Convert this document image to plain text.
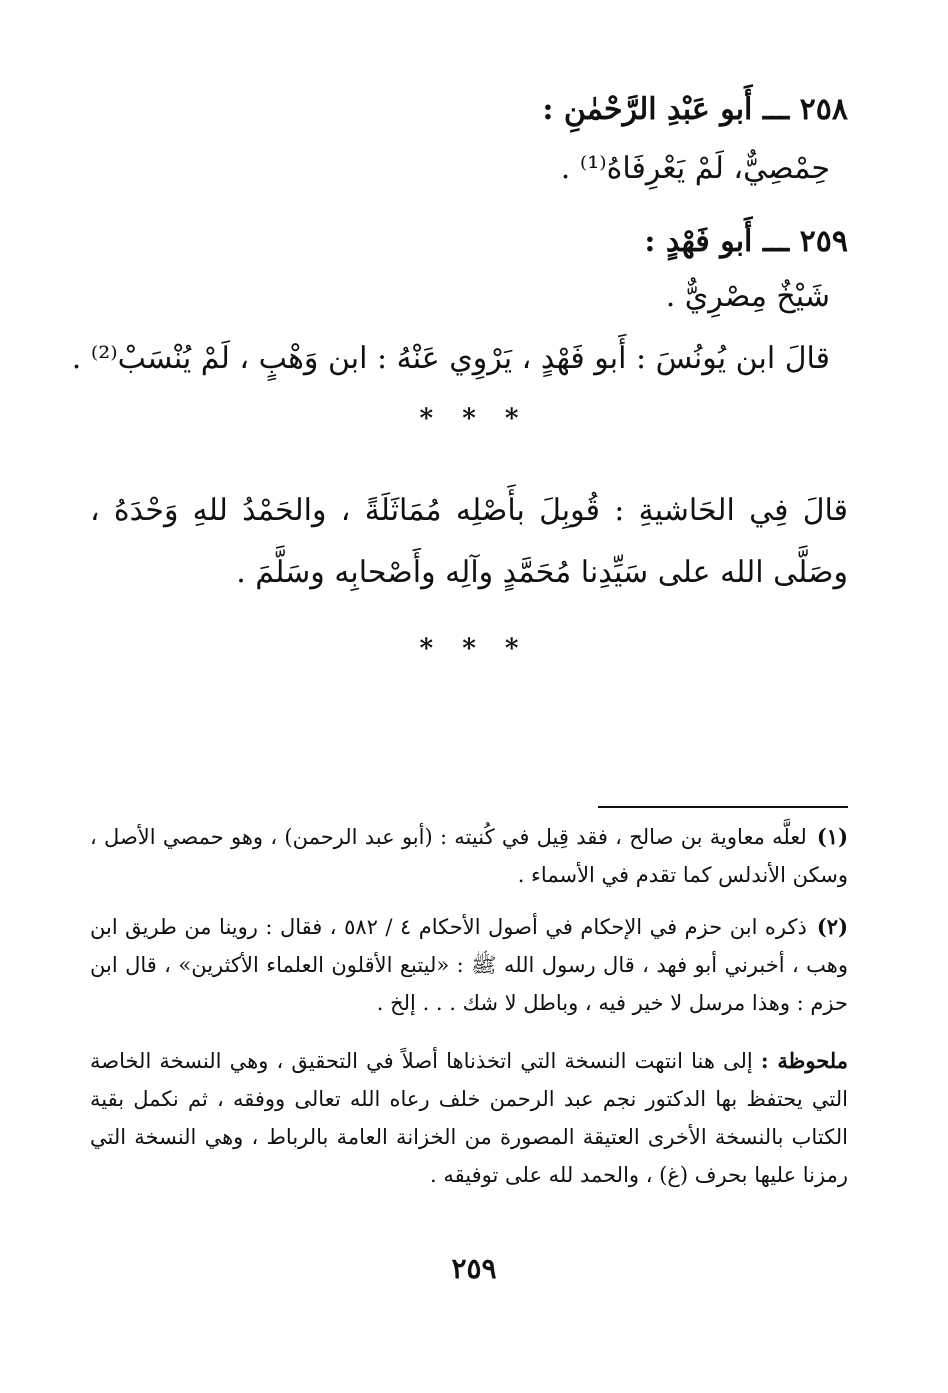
٢٥٨ ـــ أَبو عَبْدِ الرَّحْمٰنِ :
حِمْصِيٌّ، لَمْ يَعْرِفَاهُ⁽¹⁾ .
٢٥٩ ـــ أَبو فَهْدٍ :
شَيْخٌ مِصْرِيٌّ .
قالَ ابن يُونُسَ : أَبو فَهْدٍ ، يَرْوِي عَنْهُ : ابن وَهْبٍ ، لَمْ يُنْسَبْ⁽²⁾ .
* * *
قالَ فِي الحَاشيةِ : قُوبِلَ بأَصْلِه مُمَاثَلَةً ، والحَمْدُ للهِ وَحْدَهُ ، وصَلَّى الله على سَيِّدِنا مُحَمَّدٍ وآلِه وأَصْحابِه وسَلَّمَ .
* * *
(١)لعلَّه معاوية بن صالح ، فقد قِيل في كُنيته : (أبو عبد الرحمن) ، وهو حمصي الأصل ، وسكن الأندلس كما تقدم في الأسماء .
(٢)ذكره ابن حزم في الإحكام في أصول الأحكام ٤ / ٥٨٢ ، فقال : روينا من طريق ابن وهب ، أخبرني أبو فهد ، قال رسول الله ﷺ : «ليتبع الأقلون العلماء الأكثرين» ، قال ابن حزم : وهذا مرسل لا خير فيه ، وباطل لا شك . . . إلخ .
ملحوظة : إلى هنا انتهت النسخة التي اتخذناها أصلاً في التحقيق ، وهي النسخة الخاصة التي يحتفظ بها الدكتور نجم عبد الرحمن خلف رعاه الله تعالى ووفقه ، ثم نكمل بقية الكتاب بالنسخة الأخرى العتيقة المصورة من الخزانة العامة بالرباط ، وهي النسخة التي رمزنا عليها بحرف (غ) ، والحمد لله على توفيقه .
٢٥٩
